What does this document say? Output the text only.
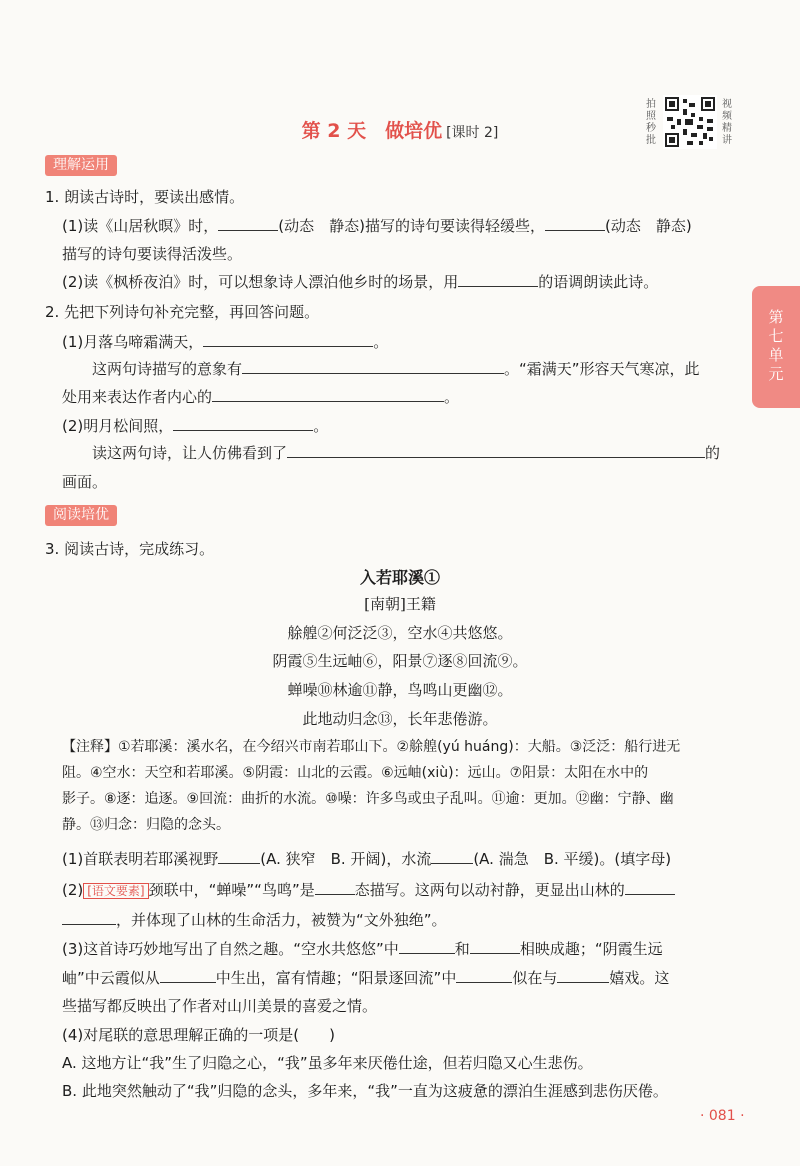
第 2 天　做培优 [课时 2]
拍照秒批
视频精讲
第
七
单
元
理解运用
1. 朗读古诗时，要读出感情。
(1)读《山居秋暝》时，	(动态　静态)描写的诗句要读得轻缓些，	(动态　静态)
描写的诗句要读得活泼些。
(2)读《枫桥夜泊》时，可以想象诗人漂泊他乡时的场景，用	的语调朗读此诗。
2. 先把下列诗句补充完整，再回答问题。
(1)月落乌啼霜满天，	。
这两句诗描写的意象有	。“霜满天”形容天气寒凉，此
处用来表达作者内心的	。
(2)明月松间照，	。
读这两句诗，让人仿佛看到了	的
画面。
阅读培优
3. 阅读古诗，完成练习。
入若耶溪①
[南朝]王籍
艅艎②何泛泛③，空水④共悠悠。
阴霞⑤生远岫⑥，阳景⑦逐⑧回流⑨。
蝉噪⑩林逾⑪静，鸟鸣山更幽⑫。
此地动归念⑬，长年悲倦游。
【注释】①若耶溪：溪水名，在今绍兴市南若耶山下。②艅艎(yú huáng)：大船。③泛泛：船行进无
阻。④空水：天空和若耶溪。⑤阴霞：山北的云霞。⑥远岫(xiù)：远山。⑦阳景：太阳在水中的
影子。⑧逐：追逐。⑨回流：曲折的水流。⑩噪：许多鸟或虫子乱叫。⑪逾：更加。⑫幽：宁静、幽
静。⑬归念：归隐的念头。
(1)首联表明若耶溪视野	(A. 狭窄　B. 开阔)，水流	(A. 湍急　B. 平缓)。(填字母)
(2) [语文要素] 颈联中，“蝉噪”“鸟鸣”是	态描写。这两句以动衬静，更显出山林的
，并体现了山林的生命活力，被赞为“文外独绝”。
(3)这首诗巧妙地写出了自然之趣。“空水共悠悠”中	和	相映成趣；“阴霞生远
岫”中云霞似从	中生出，富有情趣；“阳景逐回流”中	似在与	嬉戏。这
些描写都反映出了作者对山川美景的喜爱之情。
(4)对尾联的意思理解正确的一项是(　　)
A. 这地方让“我”生了归隐之心，“我”虽多年来厌倦仕途，但若归隐又心生悲伤。
B. 此地突然触动了“我”归隐的念头，多年来，“我”一直为这疲惫的漂泊生涯感到悲伤厌倦。
· 081 ·
